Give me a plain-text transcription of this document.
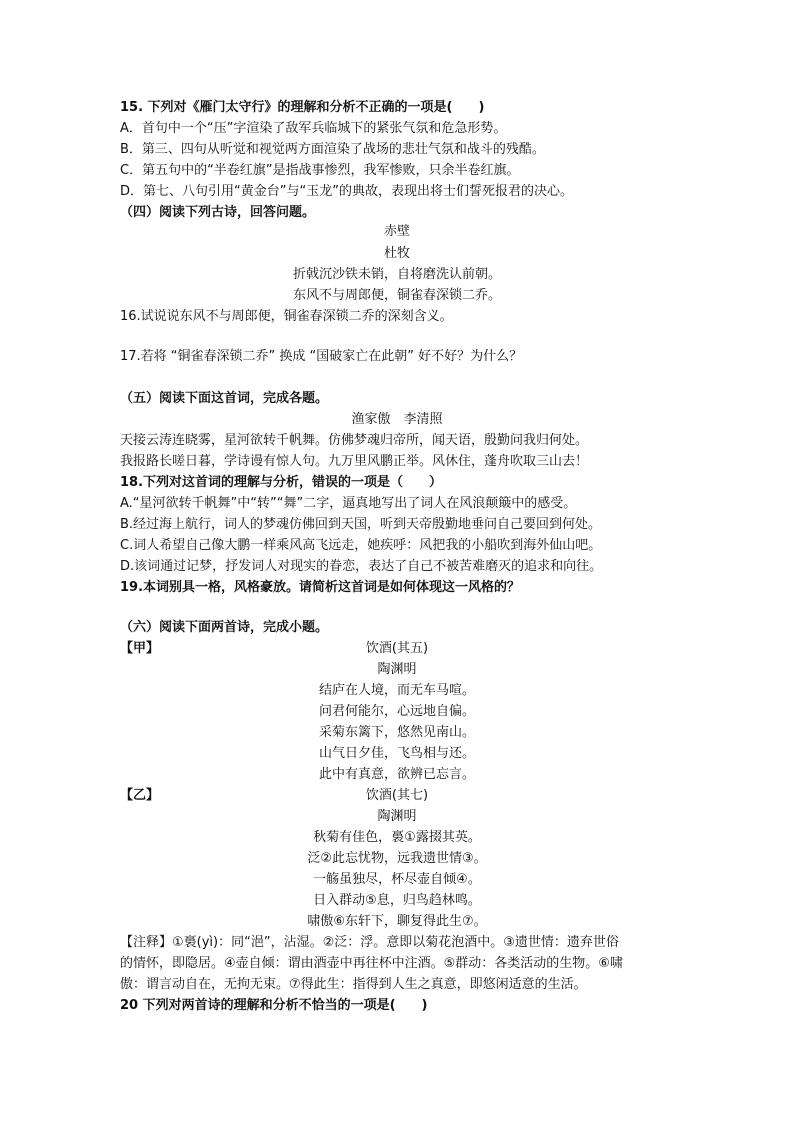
15. 下列对《雁门太守行》的理解和分析不正确的一项是(　　)
A．首句中一个“压”字渲染了敌军兵临城下的紧张气氛和危急形势。
B．第三、四句从听觉和视觉两方面渲染了战场的悲壮气氛和战斗的残酷。
C．第五句中的“半卷红旗”是指战事惨烈，我军惨败，只余半卷红旗。
D．第七、八句引用“黄金台”与“玉龙”的典故，表现出将士们誓死报君的决心。
（四）阅读下列古诗，回答问题。
赤壁
杜牧
折戟沉沙铁未销，自将磨洗认前朝。
东风不与周郎便，铜雀春深锁二乔。
16.试说说东风不与周郎便，铜雀春深锁二乔的深刻含义。
17.若将 “铜雀春深锁二乔” 换成 “国破家亡在此朝” 好不好？为什么？
（五）阅读下面这首词，完成各题。
渔家傲　李清照
天接云涛连晓雾，星河欲转千帆舞。仿佛梦魂归帝所，闻天语，殷勤问我归何处。
我报路长嗟日暮，学诗谩有惊人句。九万里风鹏正举。风休住，蓬舟吹取三山去！
18.下列对这首词的理解与分析，错误的一项是（　　）
A.“星河欲转千帆舞”中“转”“舞”二字，逼真地写出了词人在风浪颠簸中的感受。
B.经过海上航行，词人的梦魂仿佛回到天国，听到天帝殷勤地垂问自己要回到何处。
C.词人希望自己像大鹏一样乘风高飞远走，她疾呼：风把我的小船吹到海外仙山吧。
D.该词通过记梦，抒发词人对现实的眷恋，表达了自己不被苦难磨灭的追求和向往。
19.本词别具一格，风格豪放。请简析这首词是如何体现这一风格的？
（六）阅读下面两首诗，完成小题。
【甲】	饮酒(其五)
陶渊明
结庐在人境，而无车马喧。
问君何能尔，心远地自偏。
采菊东篱下，悠然见南山。
山气日夕佳，飞鸟相与还。
此中有真意，欲辨已忘言。
【乙】	饮酒(其七)
陶渊明
秋菊有佳色，裛①露掇其英。
泛②此忘忧物，远我遗世情③。
一觞虽独尽，杯尽壶自倾④。
日入群动⑤息，归鸟趋林鸣。
啸傲⑥东轩下，聊复得此生⑦。
【注释】①裛(yì)：同“浥”，沾湿。②泛：浮。意即以菊花泡酒中。③遗世情：遗弃世俗
的情怀，即隐居。④壶自倾：谓由酒壶中再往杯中注酒。⑤群动：各类活动的生物。⑥啸
傲：谓言动自在，无拘无束。⑦得此生：指得到人生之真意，即悠闲适意的生活。
20 下列对两首诗的理解和分析不恰当的一项是(　　)
